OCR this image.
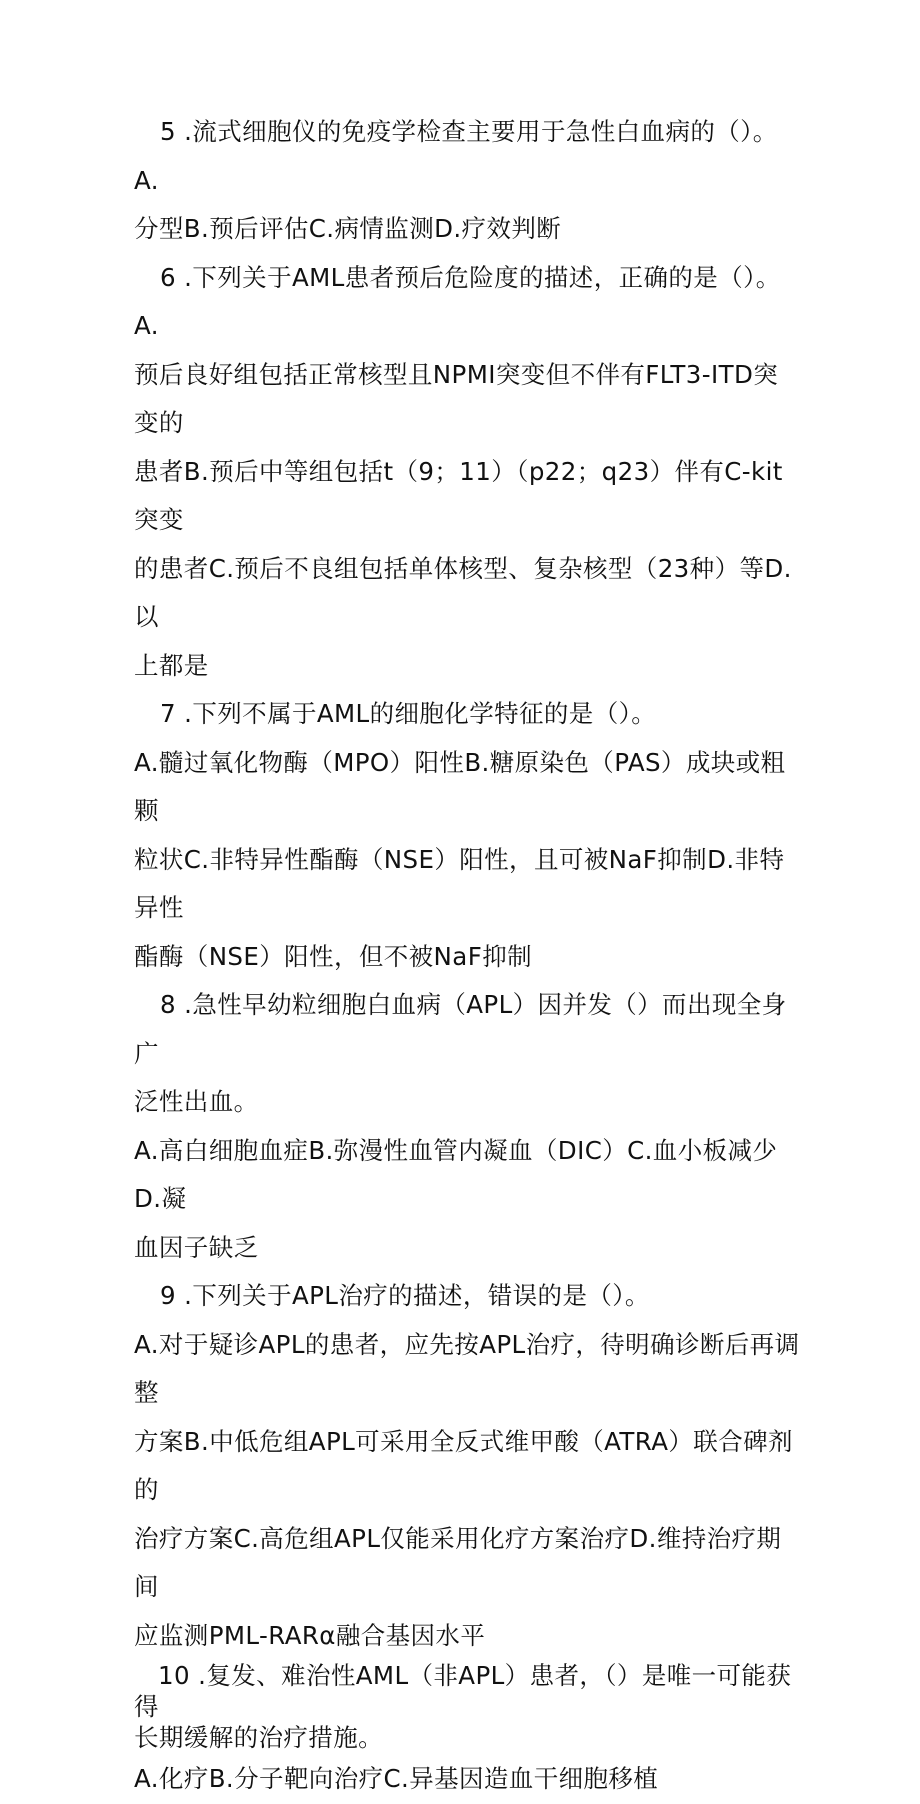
5 .流式细胞仪的免疫学检查主要用于急性白血病的（）。A.

分型B.预后评估C.病情监测D.疗效判断

6 .下列关于AML患者预后危险度的描述，正确的是（）。A.

预后良好组包括正常核型且NPMI突变但不伴有FLT3-ITD突变的

患者B.预后中等组包括t（9；11）（p22；q23）伴有C-kit突变

的患者C.预后不良组包括单体核型、复杂核型（23种）等D.以

上都是

7 .下列不属于AML的细胞化学特征的是（）。

A.髓过氧化物酶（MPO）阳性B.糖原染色（PAS）成块或粗颗

粒状C.非特异性酯酶（NSE）阳性，且可被NaF抑制D.非特异性

酯酶（NSE）阳性，但不被NaF抑制

8 .急性早幼粒细胞白血病（APL）因并发（）而出现全身广

泛性出血。

A.高白细胞血症B.弥漫性血管内凝血（DIC）C.血小板减少D.凝

血因子缺乏

9 .下列关于APL治疗的描述，错误的是（）。

A.对于疑诊APL的患者，应先按APL治疗，待明确诊断后再调整

方案B.中低危组APL可采用全反式维甲酸（ATRA）联合碑剂的

治疗方案C.高危组APL仅能采用化疗方案治疗D.维持治疗期间

应监测PML-RARα融合基因水平

10 .复发、难治性AML（非APL）患者，（）是唯一可能获得

长期缓解的治疗措施。

A.化疗B.分子靶向治疗C.异基因造血干细胞移植
